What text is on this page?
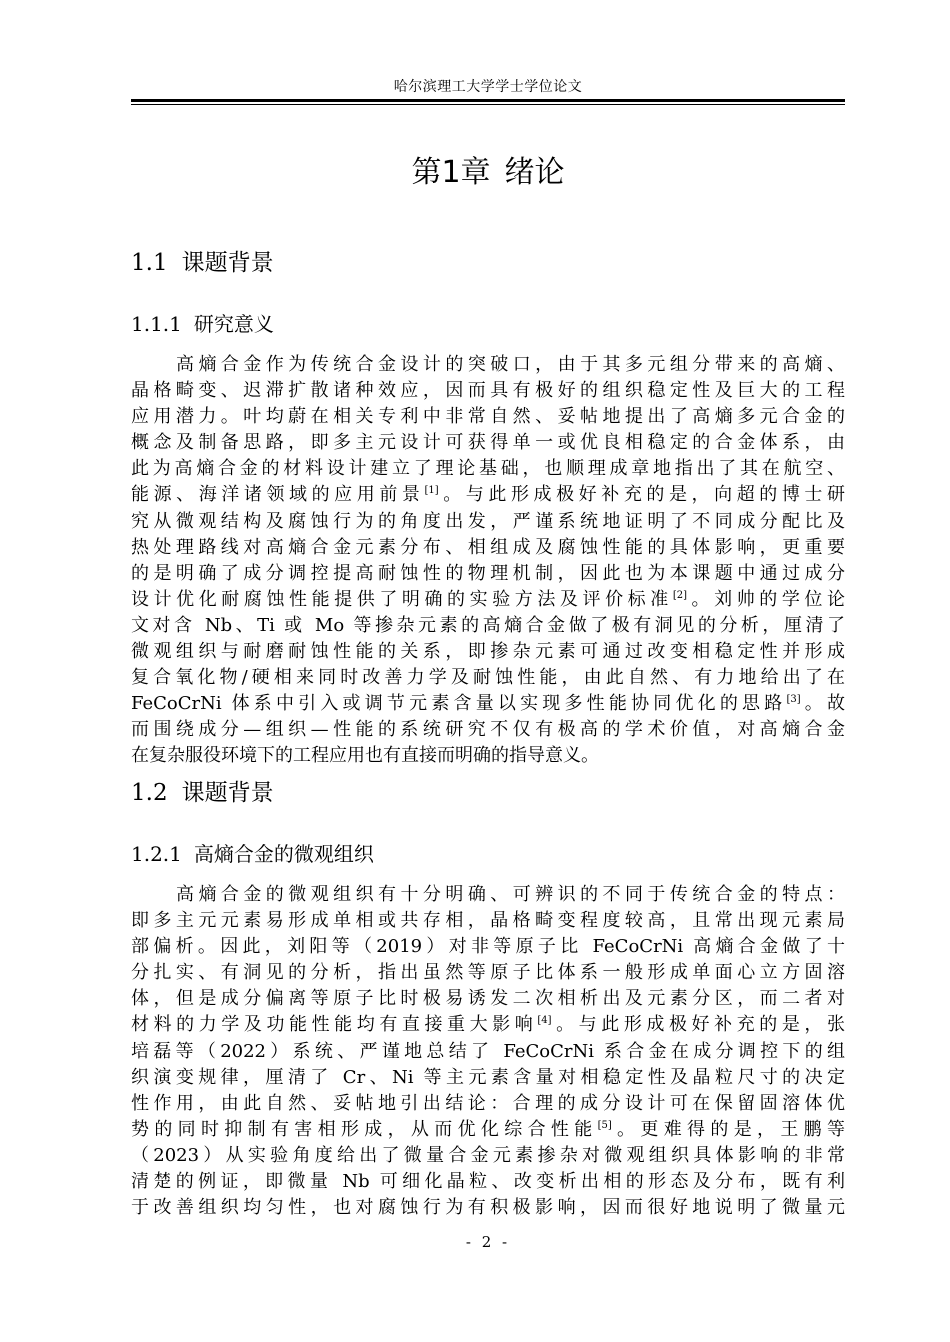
哈尔滨理工大学学士学位论文
第1章 绪论
1.1 课题背景
1.1.1 研究意义
高熵合金作为传统合金设计的突破口，由于其多元组分带来的高熵、
晶格畸变、迟滞扩散诸种效应，因而具有极好的组织稳定性及巨大的工程
应用潜力。叶均蔚在相关专利中非常自然、妥帖地提出了高熵多元合金的
概念及制备思路，即多主元设计可获得单一或优良相稳定的合金体系，由
此为高熵合金的材料设计建立了理论基础，也顺理成章地指出了其在航空、
能源、海洋诸领域的应用前景[1]。与此形成极好补充的是，向超的博士研
究从微观结构及腐蚀行为的角度出发，严谨系统地证明了不同成分配比及
热处理路线对高熵合金元素分布、相组成及腐蚀性能的具体影响，更重要
的是明确了成分调控提高耐蚀性的物理机制，因此也为本课题中通过成分
设计优化耐腐蚀性能提供了明确的实验方法及评价标准[2]。刘帅的学位论
文对含 Nb、Ti 或 Mo 等掺杂元素的高熵合金做了极有洞见的分析，厘清了
微观组织与耐磨耐蚀性能的关系，即掺杂元素可通过改变相稳定性并形成
复合氧化物/硬相来同时改善力学及耐蚀性能，由此自然、有力地给出了在
FeCoCrNi 体系中引入或调节元素含量以实现多性能协同优化的思路[3]。故
而围绕成分—组织—性能的系统研究不仅有极高的学术价值，对高熵合金
在复杂服役环境下的工程应用也有直接而明确的指导意义。
1.2 课题背景
1.2.1 高熵合金的微观组织
高熵合金的微观组织有十分明确、可辨识的不同于传统合金的特点：
即多主元元素易形成单相或共存相，晶格畸变程度较高，且常出现元素局
部偏析。因此，刘阳等（2019）对非等原子比 FeCoCrNi 高熵合金做了十
分扎实、有洞见的分析，指出虽然等原子比体系一般形成单面心立方固溶
体，但是成分偏离等原子比时极易诱发二次相析出及元素分区，而二者对
材料的力学及功能性能均有直接重大影响[4]。与此形成极好补充的是，张
培磊等（2022）系统、严谨地总结了 FeCoCrNi 系合金在成分调控下的组
织演变规律，厘清了 Cr、Ni 等主元素含量对相稳定性及晶粒尺寸的决定
性作用，由此自然、妥帖地引出结论：合理的成分设计可在保留固溶体优
势的同时抑制有害相形成，从而优化综合性能[5]。更难得的是，王鹏等
（2023）从实验角度给出了微量合金元素掺杂对微观组织具体影响的非常
清楚的例证，即微量 Nb 可细化晶粒、改变析出相的形态及分布，既有利
于改善组织均匀性，也对腐蚀行为有积极影响，因而很好地说明了微量元
- 2 -
